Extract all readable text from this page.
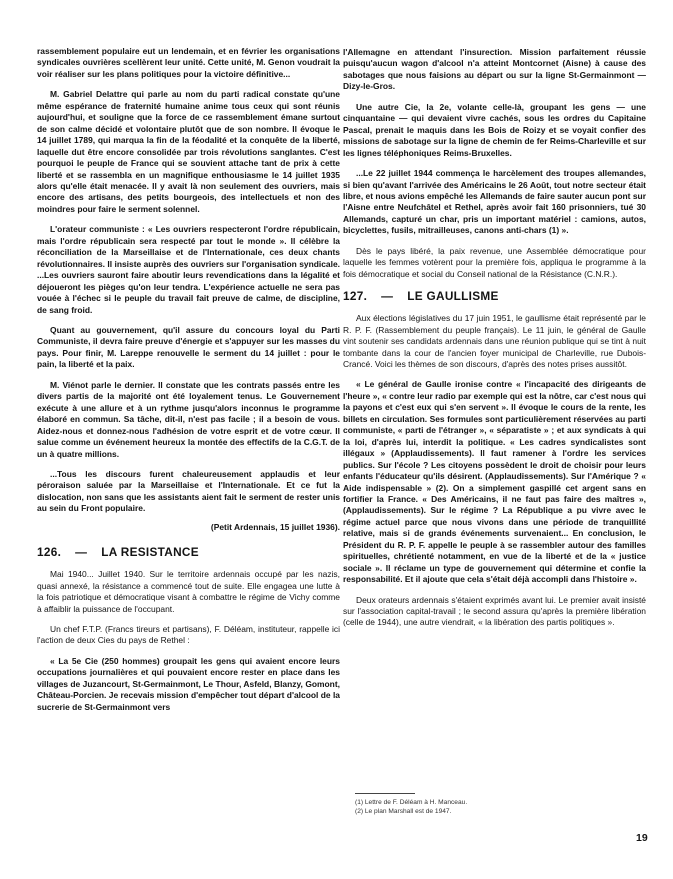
rassemblement populaire eut un lendemain, et en février les organisations syndicales ouvrières scellèrent leur unité. Cette unité, M. Genon voudrait la voir réaliser sur les plans politiques pour la victoire définitive...

M. Gabriel Delattre qui parle au nom du parti radical constate qu'une même espérance de fraternité humaine anime tous ceux qui sont réunis aujourd'hui, et souligne que la force de ce rassemblement émane surtout de son calme décidé et volontaire plutôt que de son nombre. Il évoque le 14 juillet 1789, qui marqua la fin de la féodalité et la conquête de la liberté, laquelle dut être encore consolidée par trois révolutions sanglantes. C'est pourquoi le peuple de France qui se souvient attache tant de prix à cette liberté et se rassembla en un magnifique enthousiasme le 14 juillet 1935 alors qu'elle était menacée. Il y avait là non seulement des ouvriers, mais encore des artisans, des petits bourgeois, des intellectuels et non des moindres pour faire le serment solennel.

L'orateur communiste : « Les ouvriers respecteront l'ordre républicain, mais l'ordre républicain sera respecté par tout le monde ». Il célèbre la réconciliation de la Marseillaise et de l'Internationale, ces deux chants révolutionnaires. Il insiste auprès des ouvriers sur l'organisation syndicale. ...Les ouvriers sauront faire aboutir leurs revendications dans la légalité et déjoueront les pièges qu'on leur tendra. L'expérience actuelle ne sera pas vouée à l'échec si le peuple du travail fait preuve de calme, de discipline, de sang froid.

Quant au gouvernement, qu'il assure du concours loyal du Parti Communiste, il devra faire preuve d'énergie et s'appuyer sur les masses du pays. Pour finir, M. Lareppe renouvelle le serment du 14 juillet : pour le pain, la liberté et la paix.

M. Viénot parle le dernier. Il constate que les contrats passés entre les divers partis de la majorité ont été loyalement tenus. Le Gouvernement exécute à une allure et à un rythme jusqu'alors inconnus le programme élaboré en commun. Sa tâche, dit-il, n'est pas facile ; il a besoin de vous. Aidez-nous et donnez-nous l'adhésion de votre esprit et de votre cœur. Il salue comme un événement heureux la montée des effectifs de la C.G.T. de un à quatre millions.

...Tous les discours furent chaleureusement applaudis et leur péroraison saluée par la Marseillaise et l'Internationale. Et ce fut la dislocation, non sans que les assistants aient fait le serment de rester unis au sein du Front populaire.

(Petit Ardennais, 15 juillet 1936).

126. — LA RESISTANCE

Mai 1940... Juillet 1940. Sur le territoire ardennais occupé par les nazis, quasi annexé, la résistance a commencé tout de suite. Elle engagea une lutte à la fois patriotique et démocratique visant à combattre le régime de Vichy comme à affaiblir la puissance de l'occupant.

Un chef F.T.P. (Francs tireurs et partisans), F. Déléam, instituteur, rappelle ici l'action de deux Cies du pays de Rethel :

« La 5e Cie (250 hommes) groupait les gens qui avaient encore leurs occupations journalières et qui pouvaient encore rester en place dans les villages de Juzancourt, St-Germainmont, Le Thour, Asfeld, Blanzy, Gomont, Château-Porcien. Je recevais mission d'empêcher tout départ d'alcool de la sucrerie de St-Germainmont vers

l'Allemagne en attendant l'insurection. Mission parfaitement réussie puisqu'aucun wagon d'alcool n'a atteint Montcornet (Aisne) à cause des sabotages que nous faisions au départ ou sur la ligne St-Germainmont — Dizy-le-Gros.

Une autre Cie, la 2e, volante celle-là, groupant les gens — une cinquantaine — qui devaient vivre cachés, sous les ordres du Capitaine Pascal, prenait le maquis dans les Bois de Roizy et se voyait confier des missions de sabotage sur la ligne de chemin de fer Reims-Charleville et sur les lignes téléphoniques Reims-Bruxelles.

...Le 22 juillet 1944 commença le harcèlement des troupes allemandes, si bien qu'avant l'arrivée des Américains le 26 Août, tout notre secteur était libre, et nous avions empêché les Allemands de faire sauter aucun pont sur l'Aisne entre Neufchâtel et Rethel, après avoir fait 160 prisonniers, tué 30 Allemands, capturé un char, pris un important matériel : camions, autos, bicyclettes, fusils, mitrailleuses, canons anti-chars (1) ».

Dès le pays libéré, la paix revenue, une Assemblée démocratique pour laquelle les femmes votèrent pour la première fois, appliqua le programme à la fois démocratique et social du Conseil national de la Résistance (C.N.R.).

127. — LE GAULLISME

Aux élections législatives du 17 juin 1951, le gaullisme était représenté par le R. P. F. (Rassemblement du peuple français). Le 11 juin, le général de Gaulle vint soutenir ses candidats ardennais dans une réunion publique qui se tint à nuit tombante dans la cour de l'ancien foyer municipal de Charleville, rue Dubois-Crancé. Voici les thèmes de son discours, d'après des notes prises aussitôt.

« Le général de Gaulle ironise contre « l'incapacité des dirigeants de l'heure », « contre leur radio par exemple qui est la nôtre, car c'est nous qui la payons et c'est eux qui s'en servent ». Il évoque le cours de la rente, les billets en circulation. Ses formules sont particulièrement réservées au parti communiste, « parti de l'étranger », « séparatiste » ; et aux syndicats à qui la loi, d'après lui, interdit la politique. « Les cadres syndicalistes sont illégaux » (Applaudissements). Il faut ramener à l'ordre les services publics. Sur l'école ? Les citoyens possèdent le droit de choisir pour leurs enfants l'éducateur qu'ils désirent. (Applaudissements). Sur l'Amérique ? « Aide indispensable » (2). On a simplement gaspillé cet argent sans en fortifier la France. « Des Américains, il ne faut pas faire des maîtres », (Applaudissements). Sur le régime ? La République a pu vivre avec le régime actuel parce que nous vivons dans une période de tranquillité relative, mais si de grands événements survenaient... En conclusion, le Président du R. P. F. appelle le peuple à se rassembler autour des familles spirituelles, chrétienté notamment, en vue de la liberté et de la « justice sociale ». Il réclame un type de gouvernement qui détermine et confie la responsabilité. Et il ajoute que cela s'était déjà accompli dans l'histoire ».

Deux orateurs ardennais s'étaient exprimés avant lui. Le premier avait insisté sur l'association capital-travail ; le second assura qu'après la première libération (celle de 1944), une autre viendrait, « la libération des partis politiques ».

(1) Lettre de F. Déléam à H. Manceau.
(2) Le plan Marshall est de 1947.
19
